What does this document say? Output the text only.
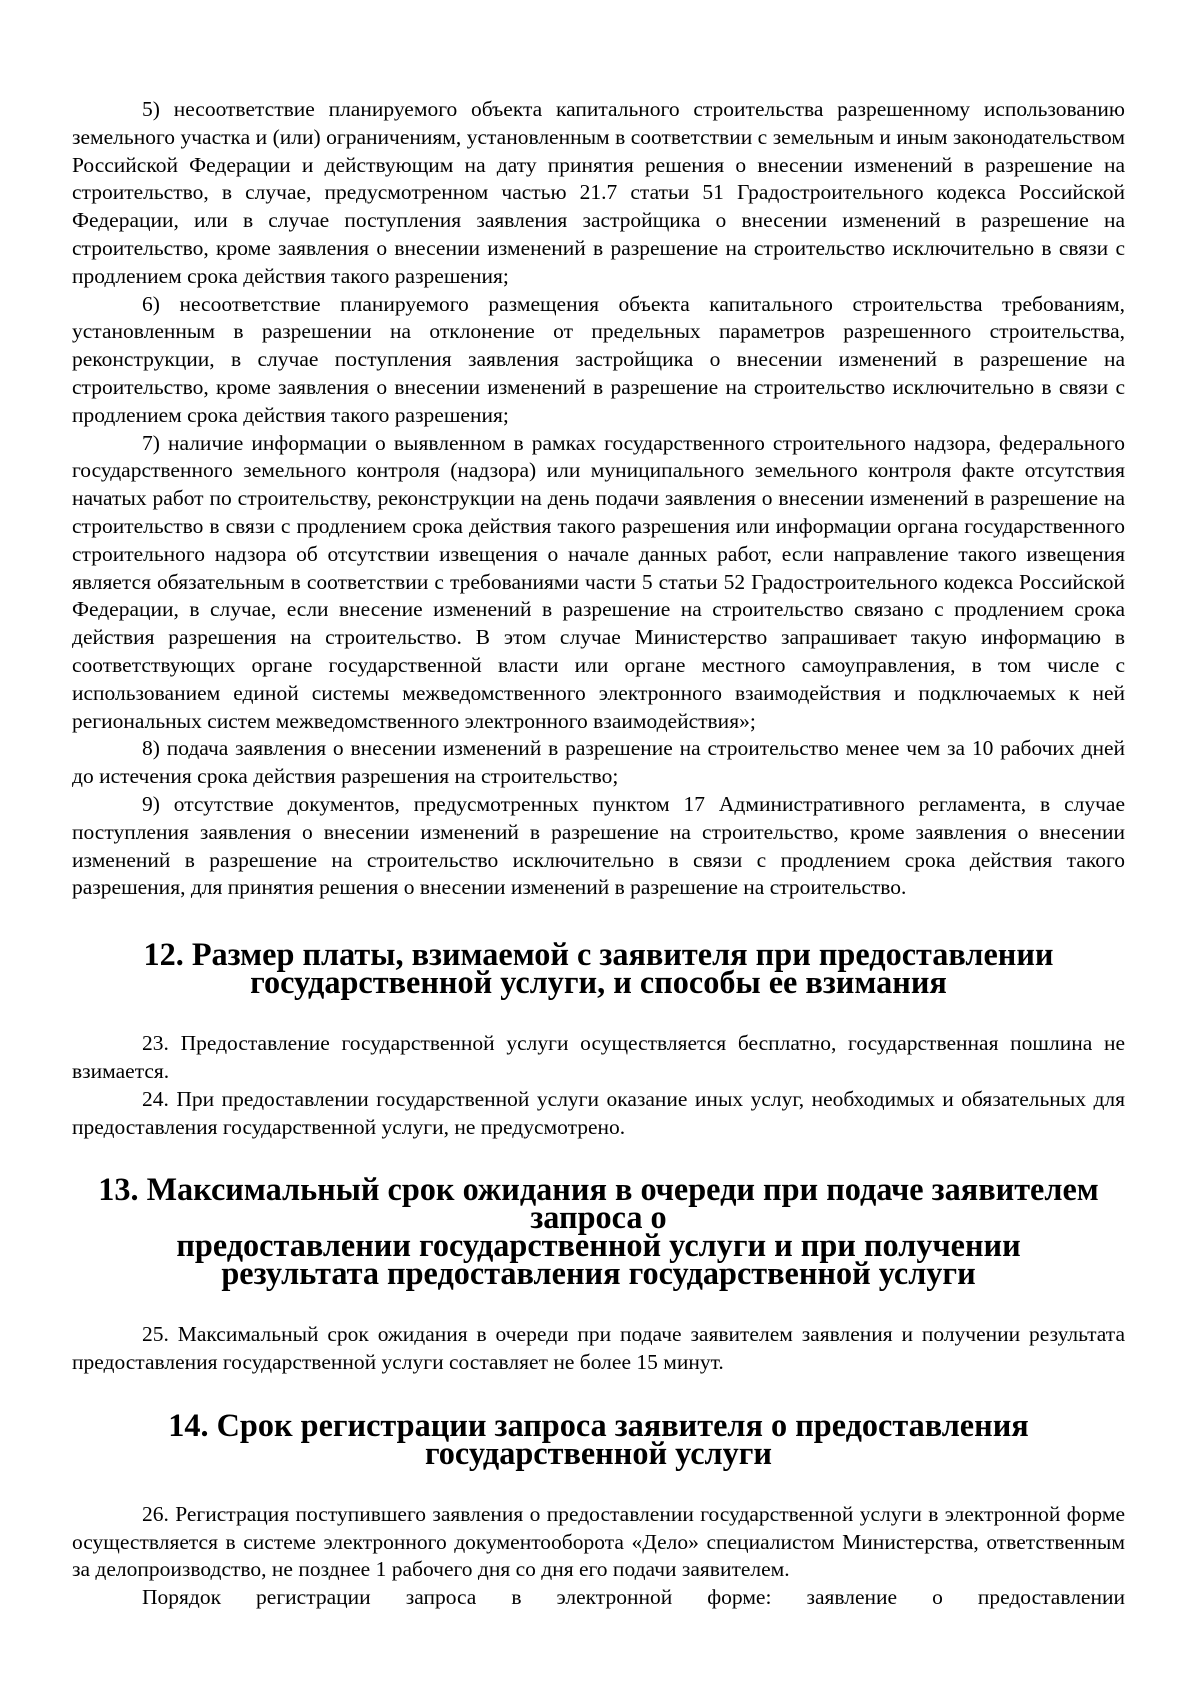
5) несоответствие планируемого объекта капитального строительства разрешенному использованию земельного участка и (или) ограничениям, установленным в соответствии с земельным и иным законодательством Российской Федерации и действующим на дату принятия решения о внесении изменений в разрешение на строительство, в случае, предусмотренном частью 21.7 статьи 51 Градостроительного кодекса Российской Федерации, или в случае поступления заявления застройщика о внесении изменений в разрешение на строительство, кроме заявления о внесении изменений в разрешение на строительство исключительно в связи с продлением срока действия такого разрешения;

6) несоответствие планируемого размещения объекта капитального строительства требованиям, установленным в разрешении на отклонение от предельных параметров разрешенного строительства, реконструкции, в случае поступления заявления застройщика о внесении изменений в разрешение на строительство, кроме заявления о внесении изменений в разрешение на строительство исключительно в связи с продлением срока действия такого разрешения;

7) наличие информации о выявленном в рамках государственного строительного надзора, федерального государственного земельного контроля (надзора) или муниципального земельного контроля факте отсутствия начатых работ по строительству, реконструкции на день подачи заявления о внесении изменений в разрешение на строительство в связи с продлением срока действия такого разрешения или информации органа государственного строительного надзора об отсутствии извещения о начале данных работ, если направление такого извещения является обязательным в соответствии с требованиями части 5 статьи 52 Градостроительного кодекса Российской Федерации, в случае, если внесение изменений в разрешение на строительство связано с продлением срока действия разрешения на строительство. В этом случае Министерство запрашивает такую информацию в соответствующих органе государственной власти или органе местного самоуправления, в том числе с использованием единой системы межведомственного электронного взаимодействия и подключаемых к ней региональных систем межведомственного электронного взаимодействия»;

8) подача заявления о внесении изменений в разрешение на строительство менее чем за 10 рабочих дней до истечения срока действия разрешения на строительство;

9) отсутствие документов, предусмотренных пунктом 17 Административного регламента, в случае поступления заявления о внесении изменений в разрешение на строительство, кроме заявления о внесении изменений в разрешение на строительство исключительно в связи с продлением срока действия такого разрешения, для принятия решения о внесении изменений в разрешение на строительство.

12. Размер платы, взимаемой с заявителя при предоставлении
государственной услуги, и способы ее взимания

23. Предоставление государственной услуги осуществляется бесплатно, государственная пошлина не взимается.

24. При предоставлении государственной услуги оказание иных услуг, необходимых и обязательных для предоставления государственной услуги, не предусмотрено.

13. Максимальный срок ожидания в очереди при подаче заявителем запроса о
предоставлении государственной услуги и при получении
результата предоставления государственной услуги

25. Максимальный срок ожидания в очереди при подаче заявителем заявления и получении результата предоставления государственной услуги составляет не более 15 минут.

14. Срок регистрации запроса заявителя о предоставления государственной услуги

26. Регистрация поступившего заявления о предоставлении государственной услуги в электронной форме осуществляется в системе электронного документооборота «Дело» специалистом Министерства, ответственным за делопроизводство, не позднее 1 рабочего дня со дня его подачи заявителем.

Порядок регистрации запроса в электронной форме: заявление о предоставлении
